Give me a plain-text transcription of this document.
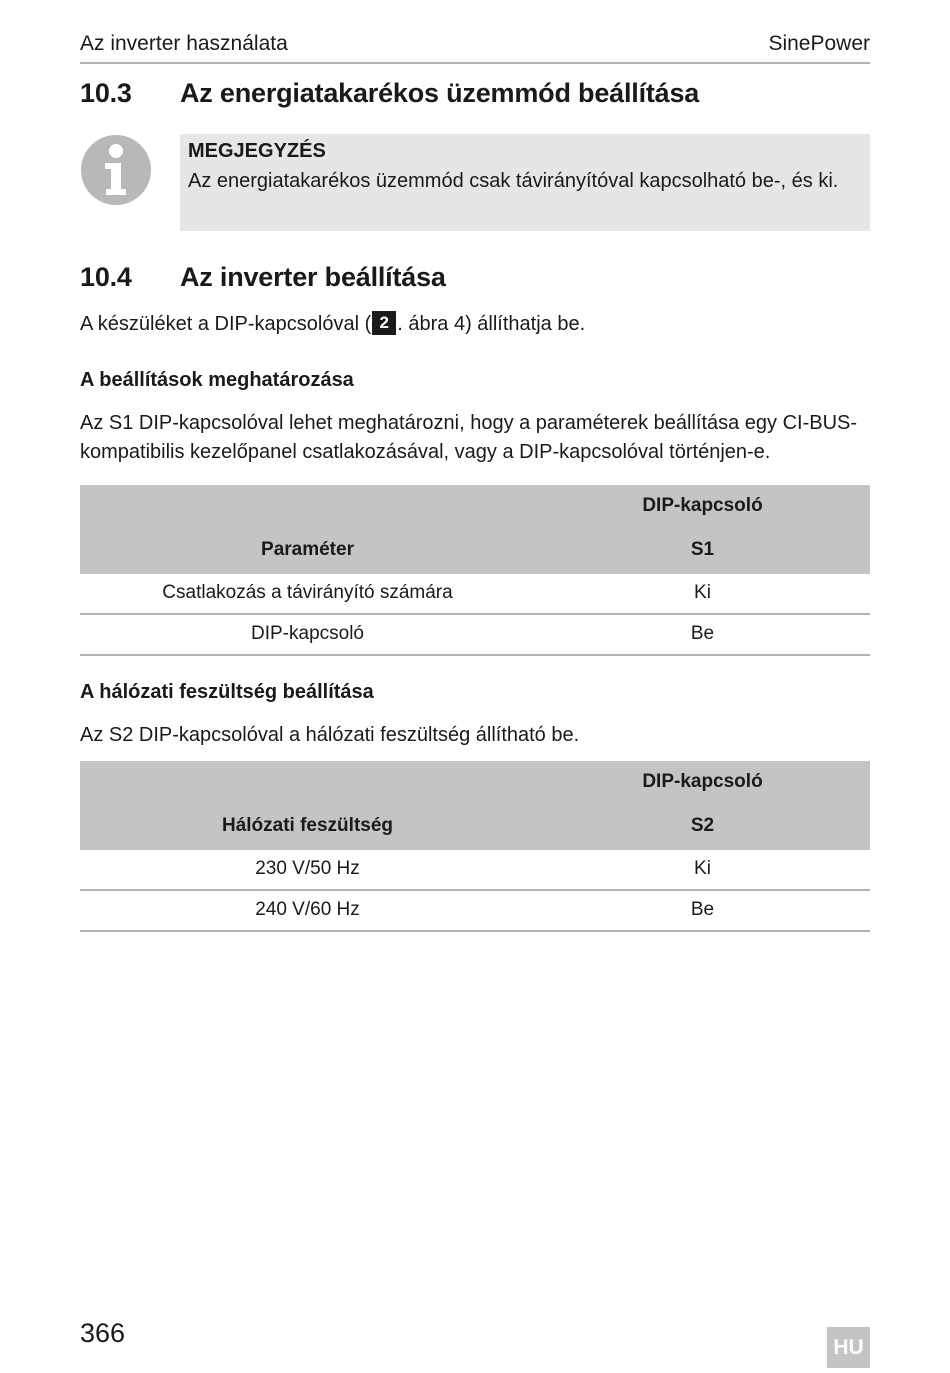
Az inverter használata	SinePower
10.3 Az energiatakarékos üzemmód beállítása
MEGJEGYZÉS
Az energiatakarékos üzemmód csak távirányítóval kapcsolható be-, és ki.
10.4 Az inverter beállítása
A készüléket a DIP-kapcsolóval ( 2 . ábra 4) állíthatja be.
A beállítások meghatározása
Az S1 DIP-kapcsolóval lehet meghatározni, hogy a paraméterek beállítása egy CI-BUS-kompatibilis kezelőpanel csatlakozásával, vagy a DIP-kapcsolóval történjen-e.
DIP-kapcsoló
Paraméter	S1
Csatlakozás a távirányító számára	Ki
DIP-kapcsoló	Be
A hálózati feszültség beállítása
Az S2 DIP-kapcsolóval a hálózati feszültség állítható be.
DIP-kapcsoló
Hálózati feszültség	S2
230 V/50 Hz	Ki
240 V/60 Hz	Be
366	HU
